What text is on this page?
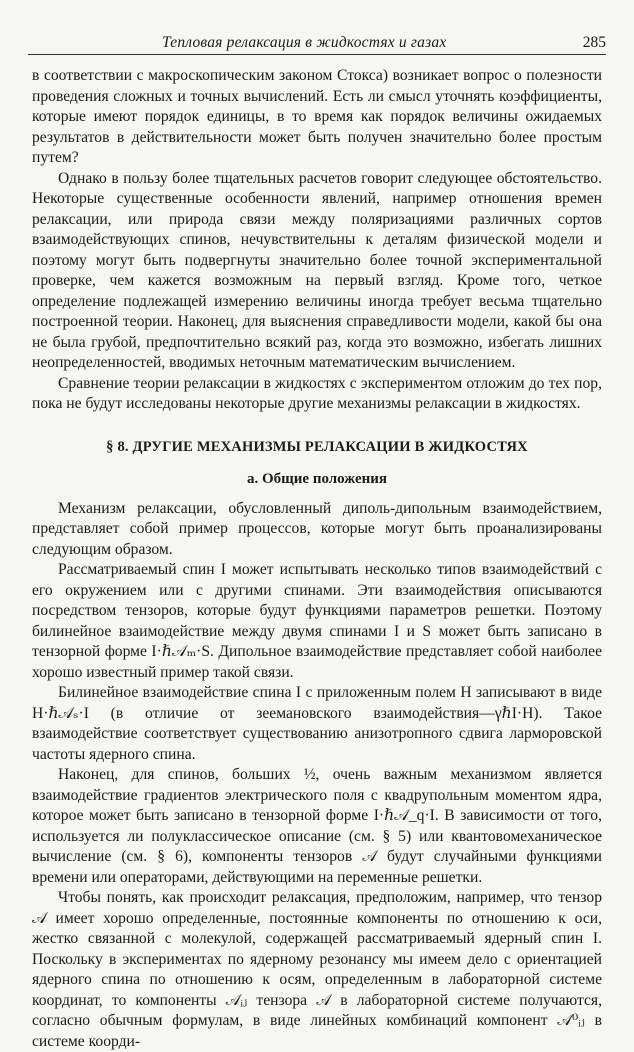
Тепловая релаксация в жидкостях и газах	285

в соответствии с макроскопическим законом Стокса) возникает вопрос о полезности проведения сложных и точных вычислений. Есть ли смысл уточнять коэффициенты, которые имеют порядок единицы, в то время как порядок величины ожидаемых результатов в действительности может быть получен значительно более простым путем?

Однако в пользу более тщательных расчетов говорит следующее обстоятельство. Некоторые существенные особенности явлений, например отношения времен релаксации, или природа связи между поляризациями различных сортов взаимодействующих спинов, нечувствительны к деталям физической модели и поэтому могут быть подвергнуты значительно более точной экспериментальной проверке, чем кажется возможным на первый взгляд. Кроме того, четкое определение подлежащей измерению величины иногда требует весьма тщательно построенной теории. Наконец, для выяснения справедливости модели, какой бы она не была грубой, предпочтительно всякий раз, когда это возможно, избегать лишних неопределенностей, вводимых неточным математическим вычислением.

Сравнение теории релаксации в жидкостях с экспериментом отложим до тех пор, пока не будут исследованы некоторые другие механизмы релаксации в жидкостях.

§ 8. ДРУГИЕ МЕХАНИЗМЫ РЕЛАКСАЦИИ В ЖИДКОСТЯХ
а. Общие положения

Механизм релаксации, обусловленный диполь-дипольным взаимодействием, представляет собой пример процессов, которые могут быть проанализированы следующим образом.

Рассматриваемый спин I может испытывать несколько типов взаимодействий с его окружением или с другими спинами. Эти взаимодействия описываются посредством тензоров, которые будут функциями параметров решетки. Поэтому билинейное взаимодействие между двумя спинами I и S может быть записано в тензорной форме I·ℏ𝒜ₘ·S. Дипольное взаимодействие представляет собой наиболее хорошо известный пример такой связи.

Билинейное взаимодействие спина I с приложенным полем H записывают в виде H·ℏ𝒜ₛ·I (в отличие от зеемановского взаимодействия—γℏI·H). Такое взаимодействие соответствует существованию анизотропного сдвига ларморовской частоты ядерного спина.

Наконец, для спинов, больших ½, очень важным механизмом является взаимодействие градиентов электрического поля с квадрупольным моментом ядра, которое может быть записано в тензорной форме I·ℏ𝒜_q·I. В зависимости от того, используется ли полуклассическое описание (см. § 5) или квантовомеханическое вычисление (см. § 6), компоненты тензоров 𝒜 будут случайными функциями времени или операторами, действующими на переменные решетки.

Чтобы понять, как происходит релаксация, предположим, например, что тензор 𝒜 имеет хорошо определенные, постоянные компоненты по отношению к оси, жестко связанной с молекулой, содержащей рассматриваемый ядерный спин I. Поскольку в экспериментах по ядерному резонансу мы имеем дело с ориентацией ядерного спина по отношению к осям, определенным в лабораторной системе координат, то компоненты 𝒜ᵢⱼ тензора 𝒜 в лабораторной системе получаются, согласно обычным формулам, в виде линейных комбинаций компонент 𝒜⁰ᵢⱼ в системе коорди-
